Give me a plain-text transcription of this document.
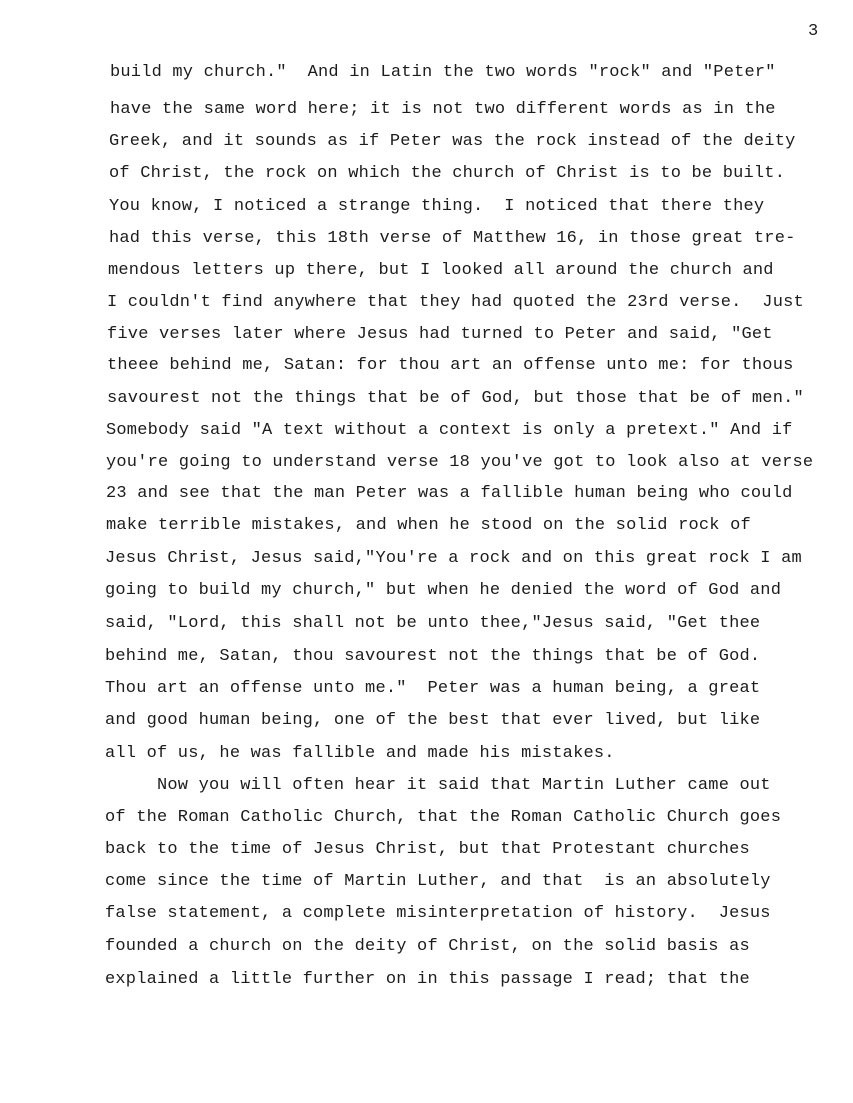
3
build my church."  And in Latin the two words "rock" and "Peter"
have the same word here; it is not two different words as in the
Greek, and it sounds as if Peter was the rock instead of the deity
of Christ, the rock on which the church of Christ is to be built.
You know, I noticed a strange thing.  I noticed that there they
had this verse, this 18th verse of Matthew 16, in those great tre-
mendous letters up there, but I looked all around the church and
I couldn't find anywhere that they had quoted the 23rd verse.  Just
five verses later where Jesus had turned to Peter and said, "Get
theee behind me, Satan: for thou art an offense unto me: for thous
savourest not the things that be of God, but those that be of men."
Somebody said "A text without a context is only a pretext." And if
you're going to understand verse 18 you've got to look also at verse
23 and see that the man Peter was a fallible human being who could
make terrible mistakes, and when he stood on the solid rock of
Jesus Christ, Jesus said,"You're a rock and on this great rock I am
going to build my church," but when he denied the word of God and
said, "Lord, this shall not be unto thee,"Jesus said, "Get thee
behind me, Satan, thou savourest not the things that be of God.
Thou art an offense unto me."  Peter was a human being, a great
and good human being, one of the best that ever lived, but like
all of us, he was fallible and made his mistakes.
Now you will often hear it said that Martin Luther came out
of the Roman Catholic Church, that the Roman Catholic Church goes
back to the time of Jesus Christ, but that Protestant churches
come since the time of Martin Luther, and that  is an absolutely
false statement, a complete misinterpretation of history.  Jesus
founded a church on the deity of Christ, on the solid basis as
explained a little further on in this passage I read; that the
